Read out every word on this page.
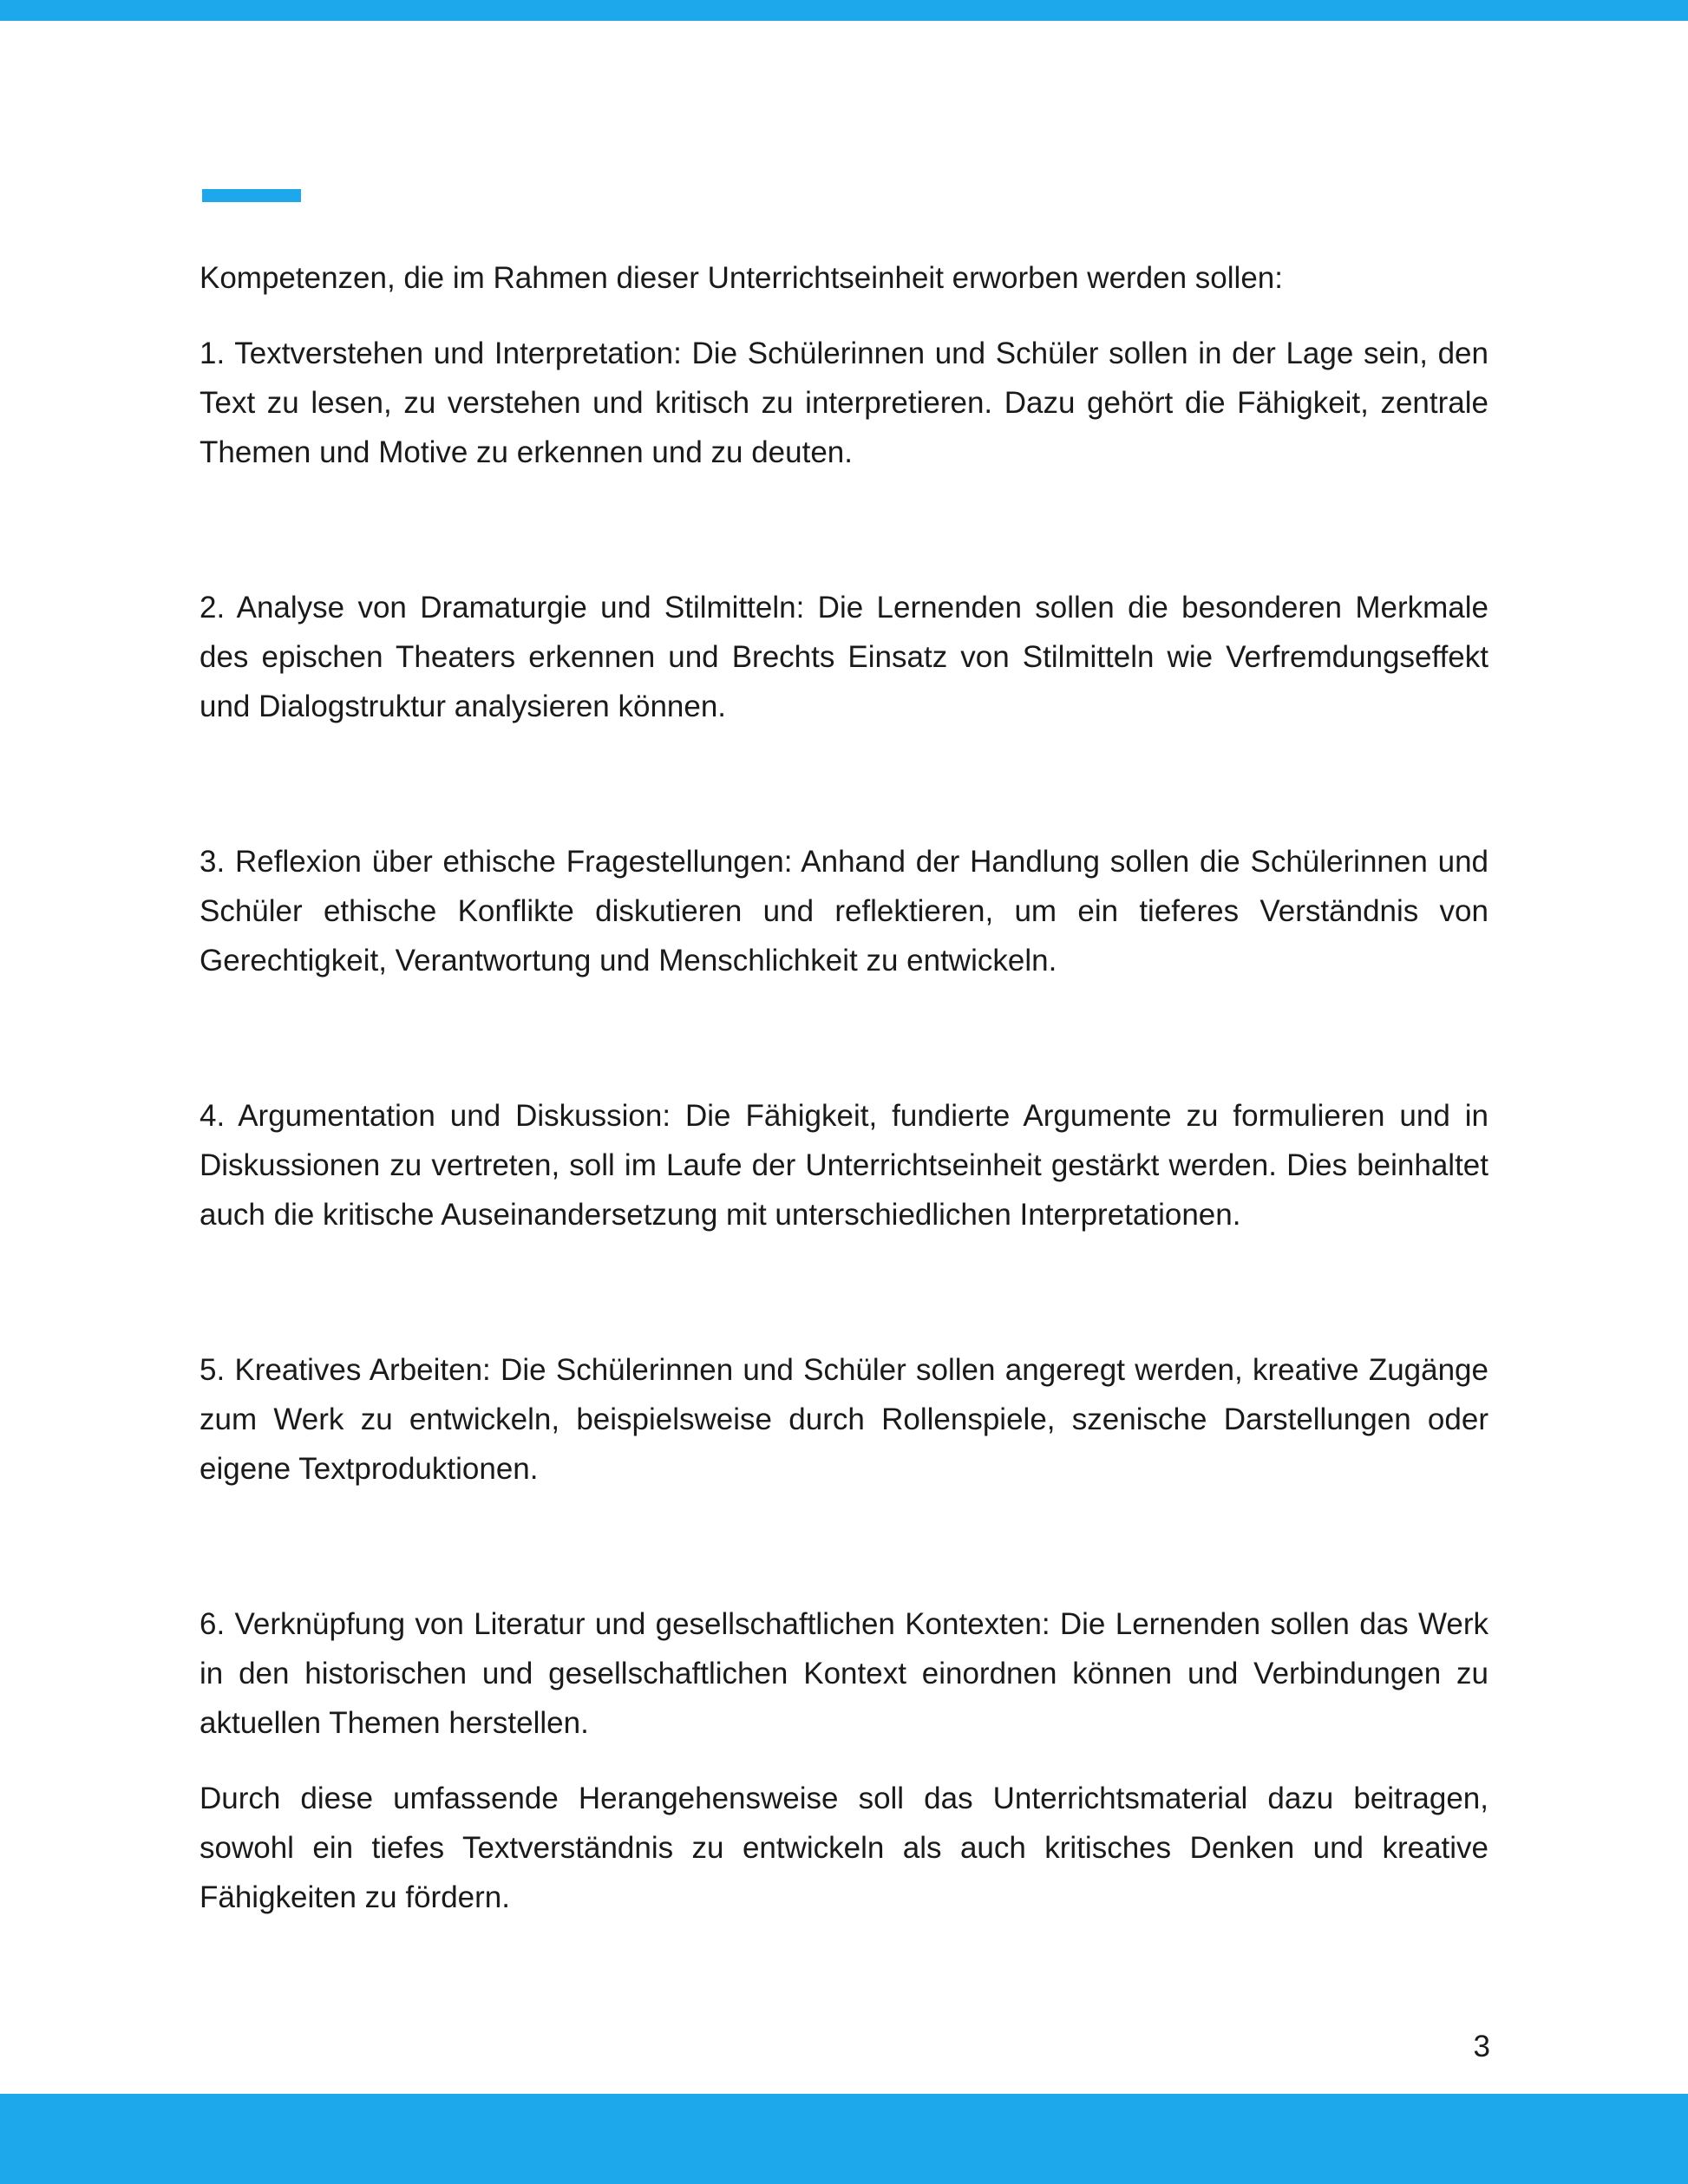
Kompetenzen, die im Rahmen dieser Unterrichtseinheit erworben werden sollen:

1. Textverstehen und Interpretation: Die Schülerinnen und Schüler sollen in der Lage sein, den Text zu lesen, zu verstehen und kritisch zu interpretieren. Dazu gehört die Fähigkeit, zentrale Themen und Motive zu erkennen und zu deuten.

2. Analyse von Dramaturgie und Stilmitteln: Die Lernenden sollen die besonderen Merkmale des epischen Theaters erkennen und Brechts Einsatz von Stilmitteln wie Verfremdungseffekt und Dialogstruktur analysieren können.

3. Reflexion über ethische Fragestellungen: Anhand der Handlung sollen die Schülerinnen und Schüler ethische Konflikte diskutieren und reflektieren, um ein tieferes Verständnis von Gerechtigkeit, Verantwortung und Menschlichkeit zu entwickeln.

4. Argumentation und Diskussion: Die Fähigkeit, fundierte Argumente zu formulieren und in Diskussionen zu vertreten, soll im Laufe der Unterrichtseinheit gestärkt werden. Dies beinhaltet auch die kritische Auseinandersetzung mit unterschiedlichen Interpretationen.

5. Kreatives Arbeiten: Die Schülerinnen und Schüler sollen angeregt werden, kreative Zugänge zum Werk zu entwickeln, beispielsweise durch Rollenspiele, szenische Darstellungen oder eigene Textproduktionen.

6. Verknüpfung von Literatur und gesellschaftlichen Kontexten: Die Lernenden sollen das Werk in den historischen und gesellschaftlichen Kontext einordnen können und Verbindungen zu aktuellen Themen herstellen.

Durch diese umfassende Herangehensweise soll das Unterrichtsmaterial dazu beitragen, sowohl ein tiefes Textverständnis zu entwickeln als auch kritisches Denken und kreative Fähigkeiten zu fördern.

3
